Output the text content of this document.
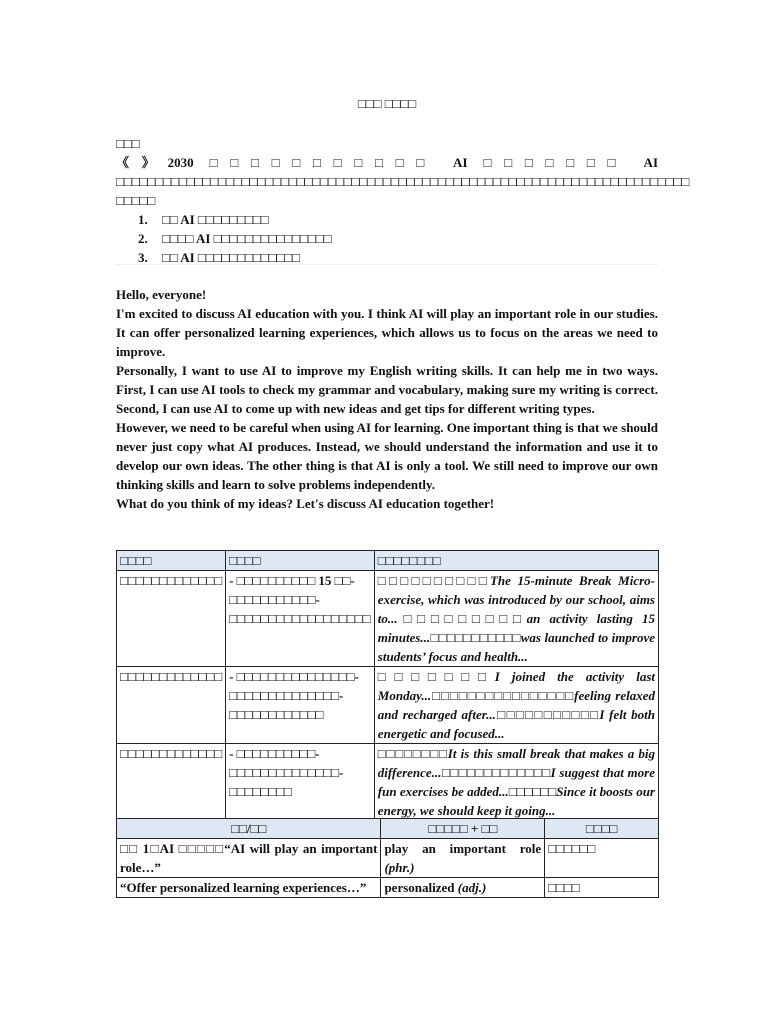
□□□ □□□□
□□□
《》2030 □□□□□□□□□□□ AI □□□□□□□ AI □□□□□□□□□□□□□□□□□□□□□□□□□□□□□□□□□□□□□□□□□□□□□□□□□□□□□□□□□□□□□□□□□□□□□□□□□
□□□□□
1. □□ AI □□□□□□□□□
2. □□□□ AI □□□□□□□□□□□□□□□
3. □□ AI □□□□□□□□□□□□□
Hello, everyone!
I'm excited to discuss AI education with you. I think AI will play an important role in our studies. It can offer personalized learning experiences, which allows us to focus on the areas we need to improve.
Personally, I want to use AI to improve my English writing skills. It can help me in two ways. First, I can use AI tools to check my grammar and vocabulary, making sure my writing is correct. Second, I can use AI to come up with new ideas and get tips for different writing types.
However, we need to be careful when using AI for learning. One important thing is that we should never just copy what AI produces. Instead, we should understand the information and use it to develop our own ideas. The other thing is that AI is only a tool. We still need to improve our own thinking skills and learn to solve problems independently.
What do you think of my ideas? Let's discuss AI education together!
□□□□	□□□□	□□□□□□□□
□□□□□□□□□□□□□	- □□□□□□□□□□ 15 □□-□□□□□□□□□□□- □□□□□□□□□□□□□□□□□□	□□□□□□□□□□The 15-minute Break Micro-exercise, which was introduced by our school, aims to...□□□□□□□□□an activity lasting 15 minutes...□□□□□□□□□□□was launched to improve students’ focus and health...
□□□□□□□□□□□□□	- □□□□□□□□□□□□□□□-□□□□□□□□□□□□□□- □□□□□□□□□□□□	□□□□□□□I joined the activity last Monday...□□□□□□□□□□□□□□□□feeling relaxed and recharged after...□□□□□□□□□□□I felt both energetic and focused...
□□□□□□□□□□□□□	- □□□□□□□□□□- □□□□□□□□□□□□□□- □□□□□□□□	□□□□□□□□It is this small break that makes a big difference...□□□□□□□□□□□□□I suggest that more fun exercises be added...□□□□□□Since it boosts our energy, we should keep it going...
□□/□□	□□□□□ + □□	□□□□
□□ 1□AI □□□□□“AI will play an important role…”	play an important role (phr.)	□□□□□□
“Offer personalized learning experiences…”	personalized (adj.)	□□□□
